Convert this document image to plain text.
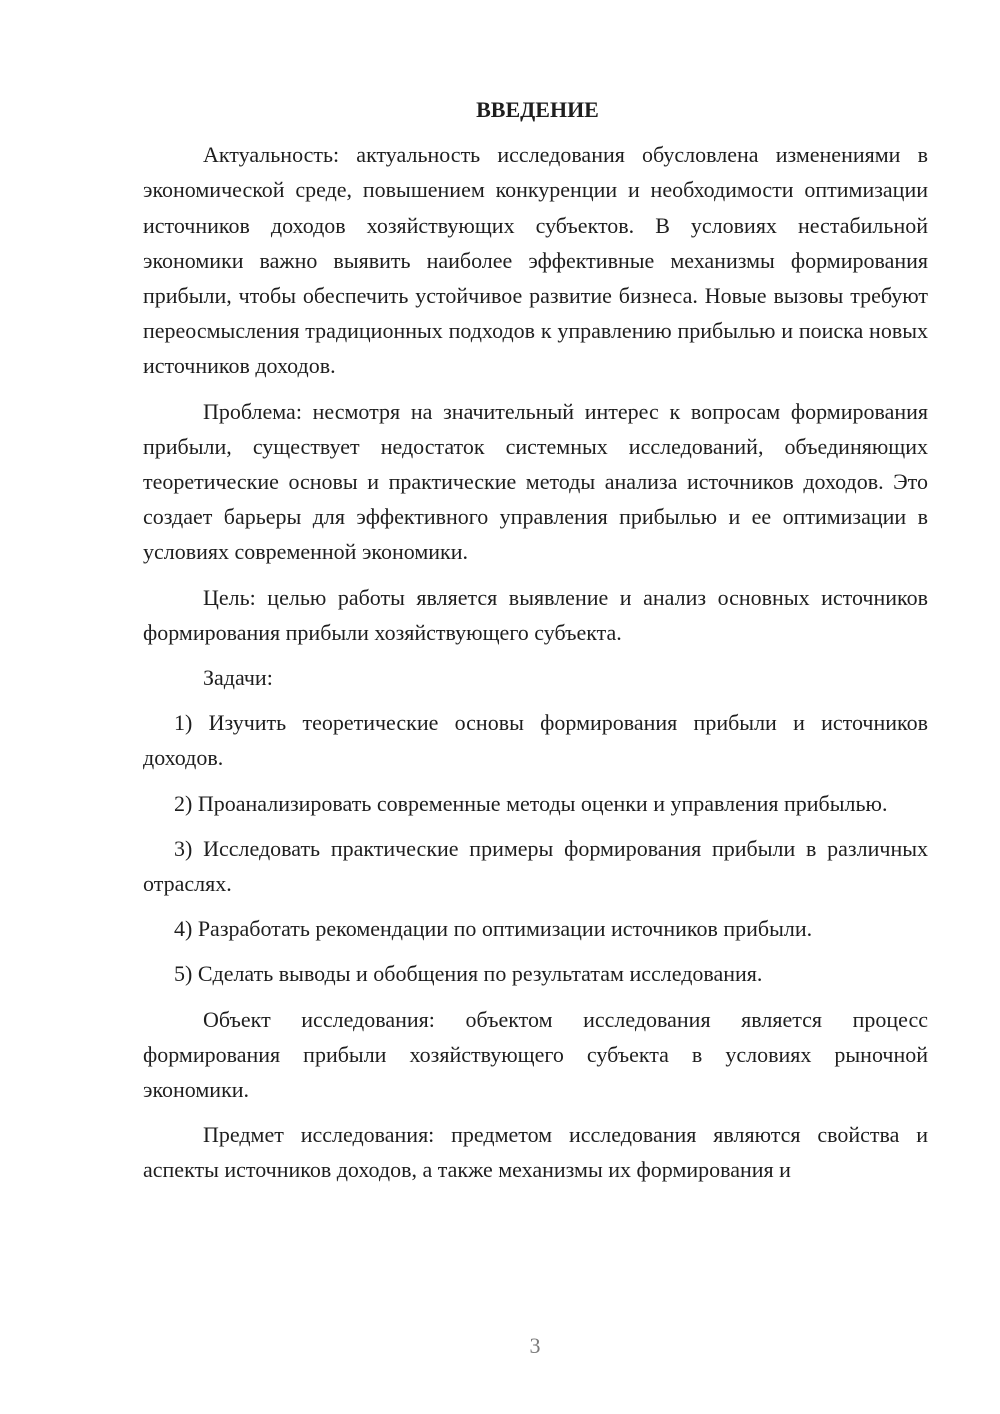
ВВЕДЕНИЕ

Актуальность: актуальность исследования обусловлена изменениями в экономической среде, повышением конкуренции и необходимости оптимизации источников доходов хозяйствующих субъектов. В условиях нестабильной экономики важно выявить наиболее эффективные механизмы формирования прибыли, чтобы обеспечить устойчивое развитие бизнеса. Новые вызовы требуют переосмысления традиционных подходов к управлению прибылью и поиска новых источников доходов.

Проблема: несмотря на значительный интерес к вопросам формирования прибыли, существует недостаток системных исследований, объединяющих теоретические основы и практические методы анализа источников доходов. Это создает барьеры для эффективного управления прибылью и ее оптимизации в условиях современной экономики.

Цель: целью работы является выявление и анализ основных источников формирования прибыли хозяйствующего субъекта.

Задачи:

1) Изучить теоретические основы формирования прибыли и источников доходов.

2) Проанализировать современные методы оценки и управления прибылью.

3) Исследовать практические примеры формирования прибыли в различных отраслях.

4) Разработать рекомендации по оптимизации источников прибыли.

5) Сделать выводы и обобщения по результатам исследования.

Объект исследования: объектом исследования является процесс формирования прибыли хозяйствующего субъекта в условиях рыночной экономики.

Предмет исследования: предметом исследования являются свойства и аспекты источников доходов, а также механизмы их формирования и

3
